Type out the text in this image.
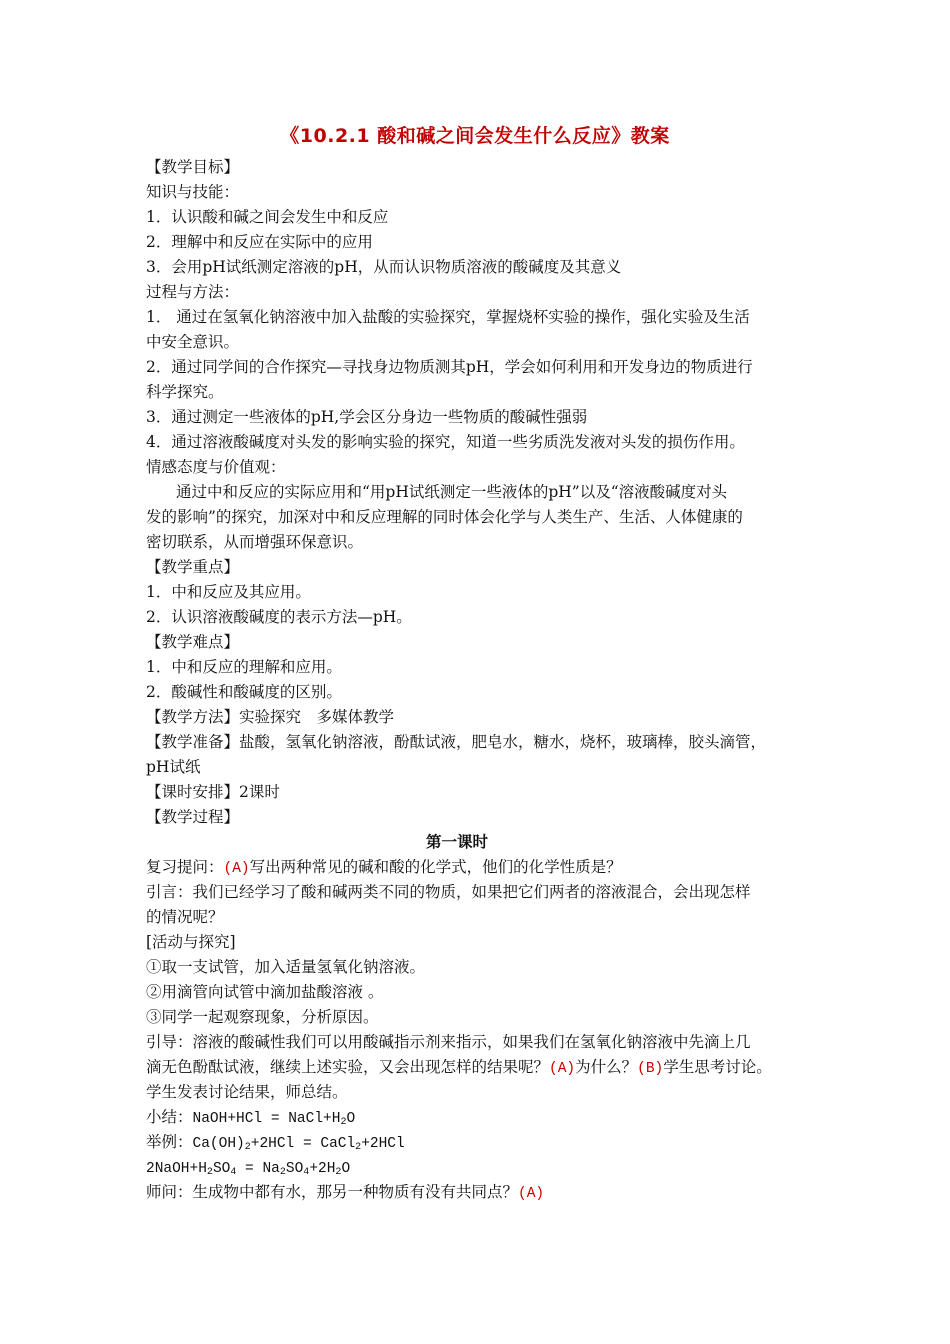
《10.2.1 酸和碱之间会发生什么反应》教案
【教学目标】
知识与技能：
1．认识酸和碱之间会发生中和反应
2．理解中和反应在实际中的应用
3．会用pH试纸测定溶液的pH，从而认识物质溶液的酸碱度及其意义
过程与方法：
1． 通过在氢氧化钠溶液中加入盐酸的实验探究，掌握烧杯实验的操作，强化实验及生活
中安全意识。
2．通过同学间的合作探究—寻找身边物质测其pH，学会如何利用和开发身边的物质进行
科学探究。
3．通过测定一些液体的pH,学会区分身边一些物质的酸碱性强弱
4．通过溶液酸碱度对头发的影响实验的探究，知道一些劣质洗发液对头发的损伤作用。
情感态度与价值观：
通过中和反应的实际应用和“用pH试纸测定一些液体的pH”以及“溶液酸碱度对头
发的影响”的探究，加深对中和反应理解的同时体会化学与人类生产、生活、人体健康的
密切联系，从而增强环保意识。
【教学重点】
1．中和反应及其应用。
2．认识溶液酸碱度的表示方法—pH。
【教学难点】
1．中和反应的理解和应用。
2．酸碱性和酸碱度的区别。
【教学方法】实验探究　多媒体教学
【教学准备】盐酸，氢氧化钠溶液，酚酞试液，肥皂水，糖水，烧杯，玻璃棒，胶头滴管，
pH试纸
【课时安排】2课时
【教学过程】
第一课时
复习提问：(A)写出两种常见的碱和酸的化学式，他们的化学性质是？
引言：我们已经学习了酸和碱两类不同的物质，如果把它们两者的溶液混合，会出现怎样
的情况呢？
[活动与探究]
①取一支试管，加入适量氢氧化钠溶液。
②用滴管向试管中滴加盐酸溶液 。
③同学一起观察现象，分析原因。
引导：溶液的酸碱性我们可以用酸碱指示剂来指示，如果我们在氢氧化钠溶液中先滴上几
滴无色酚酞试液，继续上述实验，又会出现怎样的结果呢？(A)为什么？(B)学生思考讨论。
学生发表讨论结果，师总结。
小结：NaOH+HCl = $NaCl+H_2O$
举例：$Ca(OH)_2+2HCl$ = CaCl$_2$+2HCl
$2NaOH+H_2SO_4 = Na_2SO_4+2H_2O$
师问：生成物中都有水，那另一种物质有没有共同点？(A)
